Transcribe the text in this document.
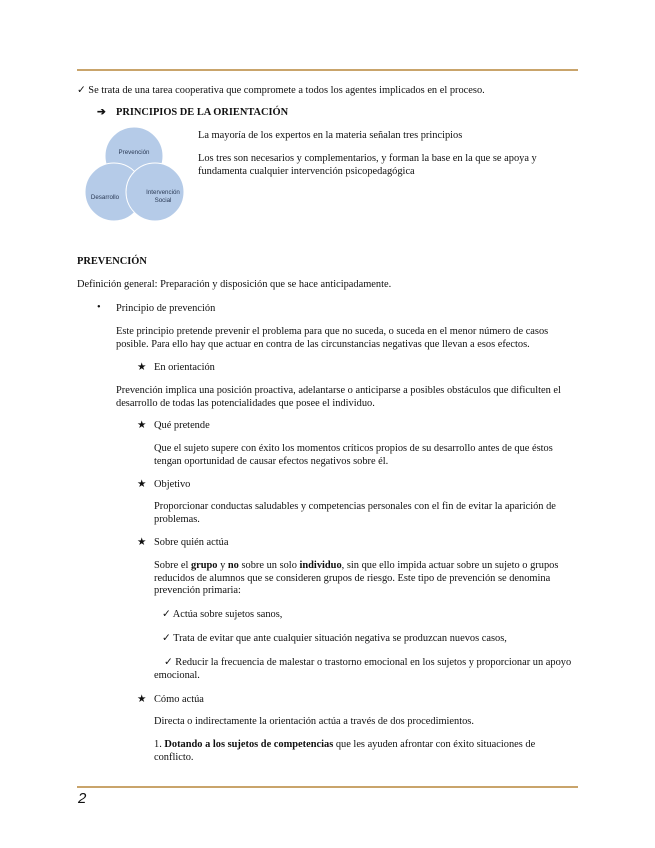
✓ Se trata de una tarea cooperativa que compromete a todos los agentes implicados en el proceso.
➔ PRINCIPIOS DE LA ORIENTACIÓN
Prevención
Desarrollo
Intervención
Social
La mayoría de los expertos en la materia señalan tres principios
Los tres son necesarios y complementarios, y forman la base en la que se apoya y fundamenta cualquier intervención psicopedagógica
PREVENCIÓN
Definición general: Preparación y disposición que se hace anticipadamente.
• Principio de prevención
Este principio pretende prevenir el problema para que no suceda, o suceda en el menor número de casos posible. Para ello hay que actuar en contra de las circunstancias negativas que llevan a esos efectos.
★ En orientación
Prevención implica una posición proactiva, adelantarse o anticiparse a posibles obstáculos que dificulten el desarrollo de todas las potencialidades que posee el individuo.
★ Qué pretende
Que el sujeto supere con éxito los momentos críticos propios de su desarrollo antes de que éstos tengan oportunidad de causar efectos negativos sobre él.
★ Objetivo
Proporcionar conductas saludables y competencias personales con el fin de evitar la aparición de problemas.
★ Sobre quién actúa
Sobre el grupo y no sobre un solo individuo, sin que ello impida actuar sobre un sujeto o grupos reducidos de alumnos que se consideren grupos de riesgo. Este tipo de prevención se denomina prevención primaria:
✓ Actúa sobre sujetos sanos,
✓ Trata de evitar que ante cualquier situación negativa se produzcan nuevos casos,
✓ Reducir la frecuencia de malestar o trastorno emocional en los sujetos y proporcionar un apoyo emocional.
★ Cómo actúa
Directa o indirectamente la orientación actúa a través de dos procedimientos.
1. Dotando a los sujetos de competencias que les ayuden afrontar con éxito situaciones de conflicto.
2
